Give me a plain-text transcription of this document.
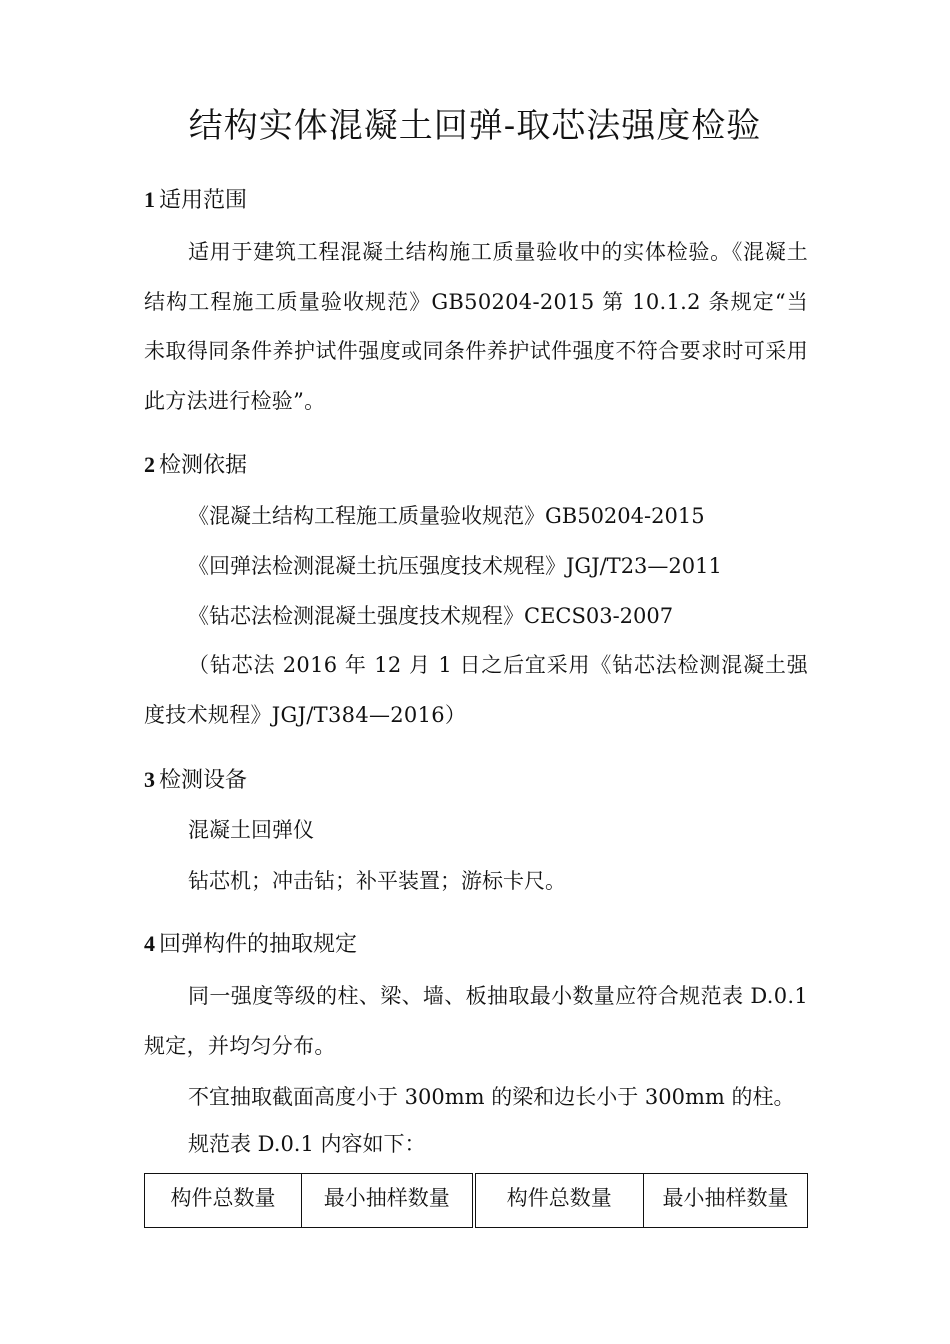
结构实体混凝土回弹-取芯法强度检验
1 适用范围
适用于建筑工程混凝土结构施工质量验收中的实体检验。《混凝土结构工程施工质量验收规范》GB50204-2015 第 10.1.2 条规定“当未取得同条件养护试件强度或同条件养护试件强度不符合要求时可采用此方法进行检验”。
2 检测依据
《混凝土结构工程施工质量验收规范》GB50204-2015
《回弹法检测混凝土抗压强度技术规程》JGJ/T23—2011
《钻芯法检测混凝土强度技术规程》CECS03-2007
（钻芯法 2016 年 12 月 1 日之后宜采用《钻芯法检测混凝土强度技术规程》JGJ/T384—2016）
3 检测设备
混凝土回弹仪
钻芯机；冲击钻；补平装置；游标卡尺。
4 回弹构件的抽取规定
同一强度等级的柱、梁、墙、板抽取最小数量应符合规范表 D.0.1 规定，并均匀分布。
不宜抽取截面高度小于 300mm 的梁和边长小于 300mm 的柱。
规范表 D.0.1 内容如下：
构件总数量	最小抽样数量	构件总数量	最小抽样数量
